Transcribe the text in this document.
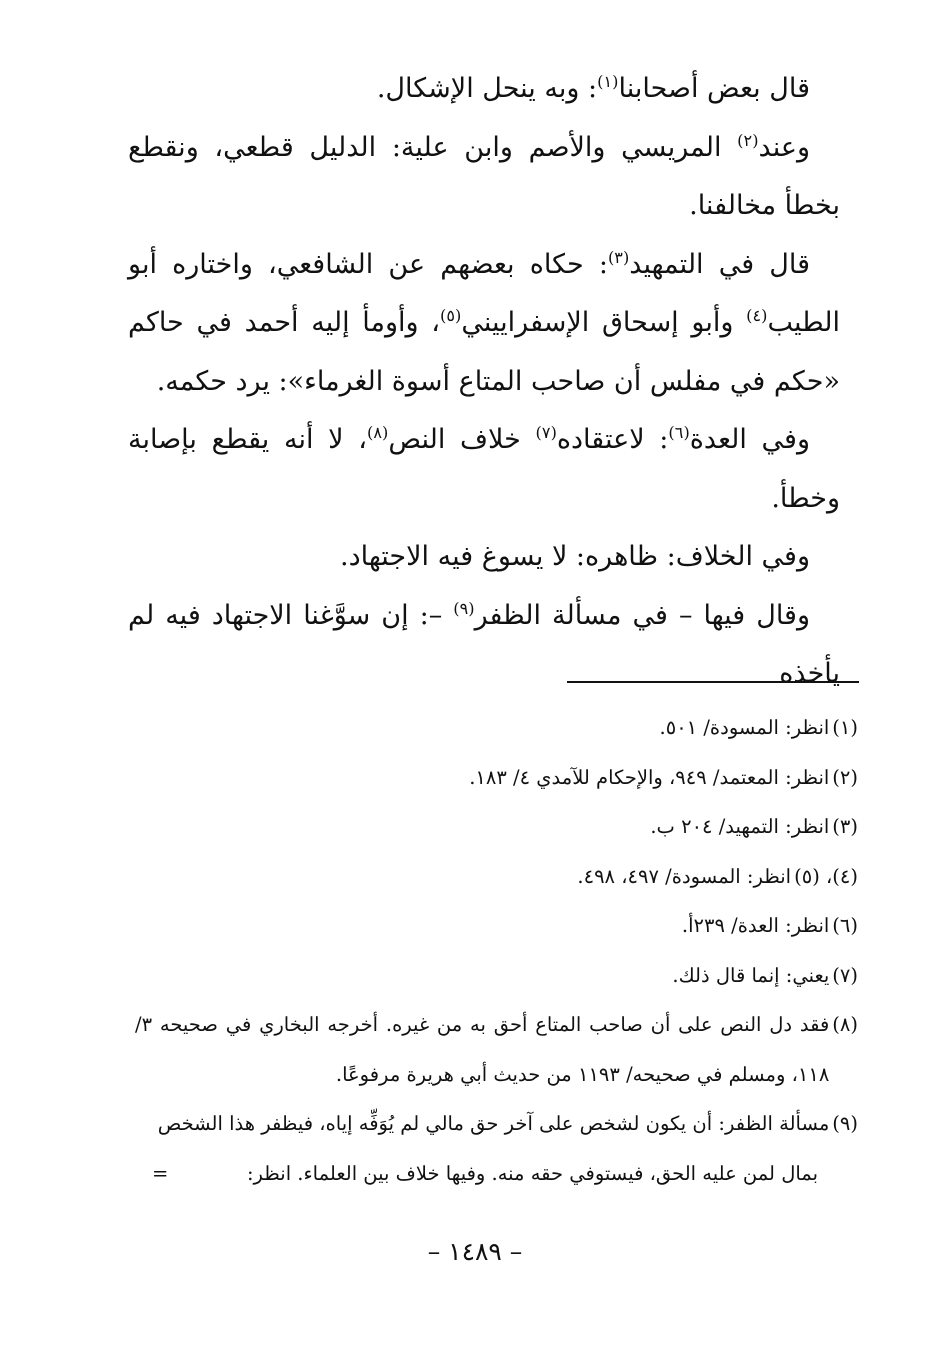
قال بعض أصحابنا$^{(١)}$: وبه ينحل الإشكال.

وعند$^{(٢)}$ المريسي والأصم وابن علية: الدليل قطعي، ونقطع بخطأ مخالفنا.

قال في التمهيد$^{(٣)}$: حكاه بعضهم عن الشافعي، واختاره أبو الطيب$^{(٤)}$ وأبو إسحاق الإسفراييني$^{(٥)}$، وأومأ إليه أحمد في حاكم «حكم في مفلس أن صاحب المتاع أسوة الغرماء»: يرد حكمه.

وفي العدة$^{(٦)}$: لاعتقاده$^{(٧)}$ خلاف النص$^{(٨)}$، لا أنه يقطع بإصابة وخطأ.

وفي الخلاف: ظاهره: لا يسوغ فيه الاجتهاد.

وقال فيها – في مسألة الظفر$^{(٩)}$ –: إن سوَّغنا الاجتهاد فيه لم يأخذه

(١)
انظر: المسودة/ ٥٠١.
(٢)
انظر: المعتمد/ ٩٤٩، والإحكام للآمدي ٤/ ١٨٣.
(٣)
انظر: التمهيد/ ٢٠٤ ب.
(٤)، (٥)
انظر: المسودة/ ٤٩٧، ٤٩٨.
(٦)
انظر: العدة/ ٢٣٩أ.
(٧)
يعني: إنما قال ذلك.
(٨)
فقد دل النص على أن صاحب المتاع أحق به من غيره. أخرجه البخاري في صحيحه ٣/ ١١٨، ومسلم في صحيحه/ ١١٩٣ من حديث أبي هريرة مرفوعًا.
(٩)
مسألة الظفر: أن يكون لشخص على آخر حق مالي لم يُوَفِّه إياه، فيظفر هذا الشخص
بمال لمن عليه الحق، فيستوفي حقه منه. وفيها خلاف بين العلماء. انظر:
=
– ١٤٨٩ –
